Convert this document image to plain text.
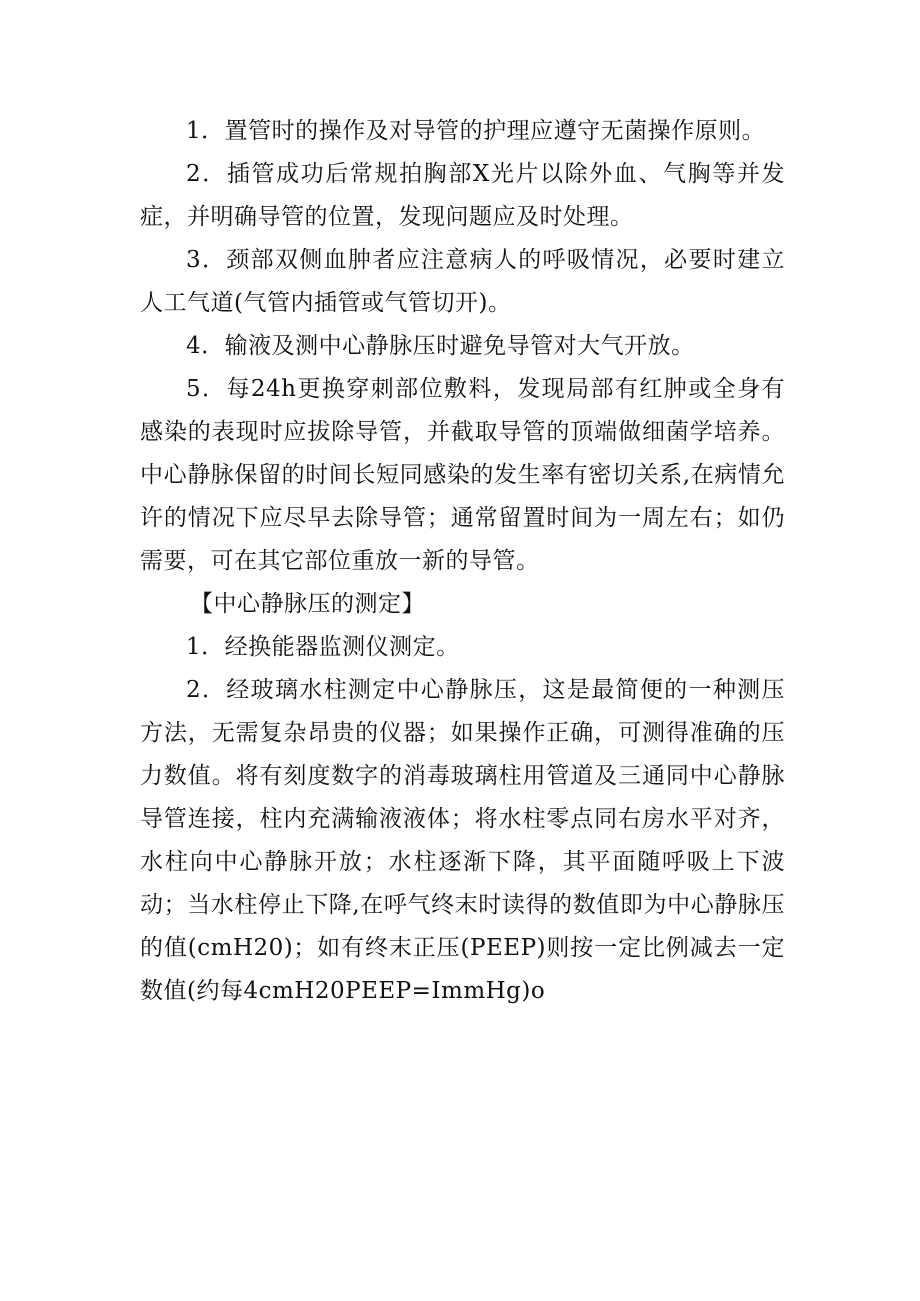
1．置管时的操作及对导管的护理应遵守无菌操作原则。

2．插管成功后常规拍胸部X光片以除外血、气胸等并发症，并明确导管的位置，发现问题应及时处理。

3．颈部双侧血肿者应注意病人的呼吸情况，必要时建立人工气道(气管内插管或气管切开)。

4．输液及测中心静脉压时避免导管对大气开放。

5．每24h更换穿刺部位敷料，发现局部有红肿或全身有感染的表现时应拔除导管，并截取导管的顶端做细菌学培养。中心静脉保留的时间长短同感染的发生率有密切关系,在病情允许的情况下应尽早去除导管；通常留置时间为一周左右；如仍需要，可在其它部位重放一新的导管。

【中心静脉压的测定】

1．经换能器监测仪测定。

2．经玻璃水柱测定中心静脉压，这是最简便的一种测压方法，无需复杂昂贵的仪器；如果操作正确，可测得准确的压力数值。将有刻度数字的消毒玻璃柱用管道及三通同中心静脉导管连接，柱内充满输液液体；将水柱零点同右房水平对齐，水柱向中心静脉开放；水柱逐渐下降，其平面随呼吸上下波动；当水柱停止下降,在呼气终末时读得的数值即为中心静脉压的值(cmH20)；如有终末正压(PEEP)则按一定比例减去一定数值(约每4cmH20PEEP=ImmHg)o
